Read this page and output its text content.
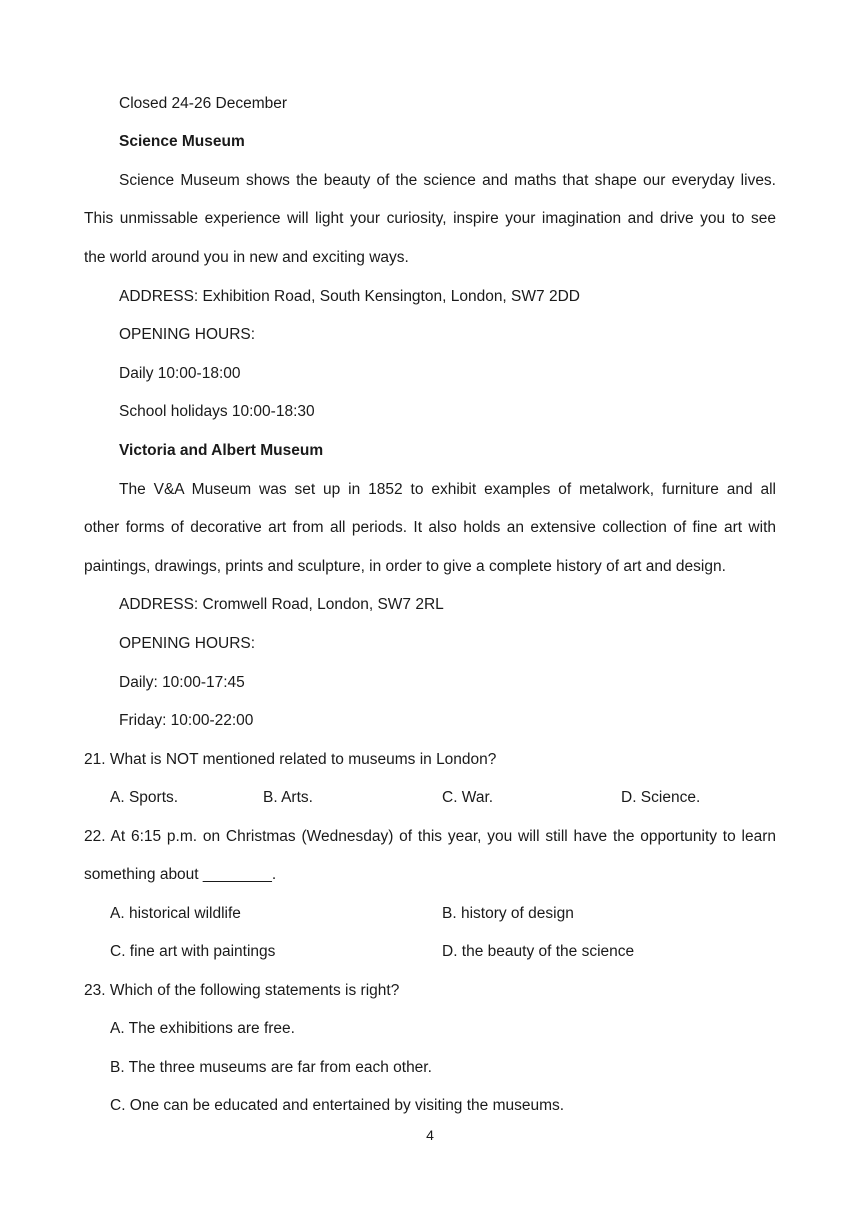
Closed 24-26 December
Science Museum
Science Museum shows the beauty of the science and maths that shape our everyday lives.
This unmissable experience will light your curiosity, inspire your imagination and drive you to see
the world around you in new and exciting ways.
ADDRESS: Exhibition Road, South Kensington, London, SW7 2DD
OPENING HOURS:
Daily 10:00-18:00
School holidays 10:00-18:30
Victoria and Albert Museum
The V&A Museum was set up in 1852 to exhibit examples of metalwork, furniture and all
other forms of decorative art from all periods. It also holds an extensive collection of fine art with
paintings, drawings, prints and sculpture, in order to give a complete history of art and design.
ADDRESS: Cromwell Road, London, SW7 2RL
OPENING HOURS:
Daily: 10:00-17:45
Friday: 10:00-22:00
21. What is NOT mentioned related to museums in London?
A. Sports.	B. Arts.	C. War.	D. Science.
22. At 6:15 p.m. on Christmas (Wednesday) of this year, you will still have the opportunity to learn
something about ________.
A. historical wildlife	B. history of design
C. fine art with paintings	D. the beauty of the science
23. Which of the following statements is right?
A. The exhibitions are free.
B. The three museums are far from each other.
C. One can be educated and entertained by visiting the museums.
4
